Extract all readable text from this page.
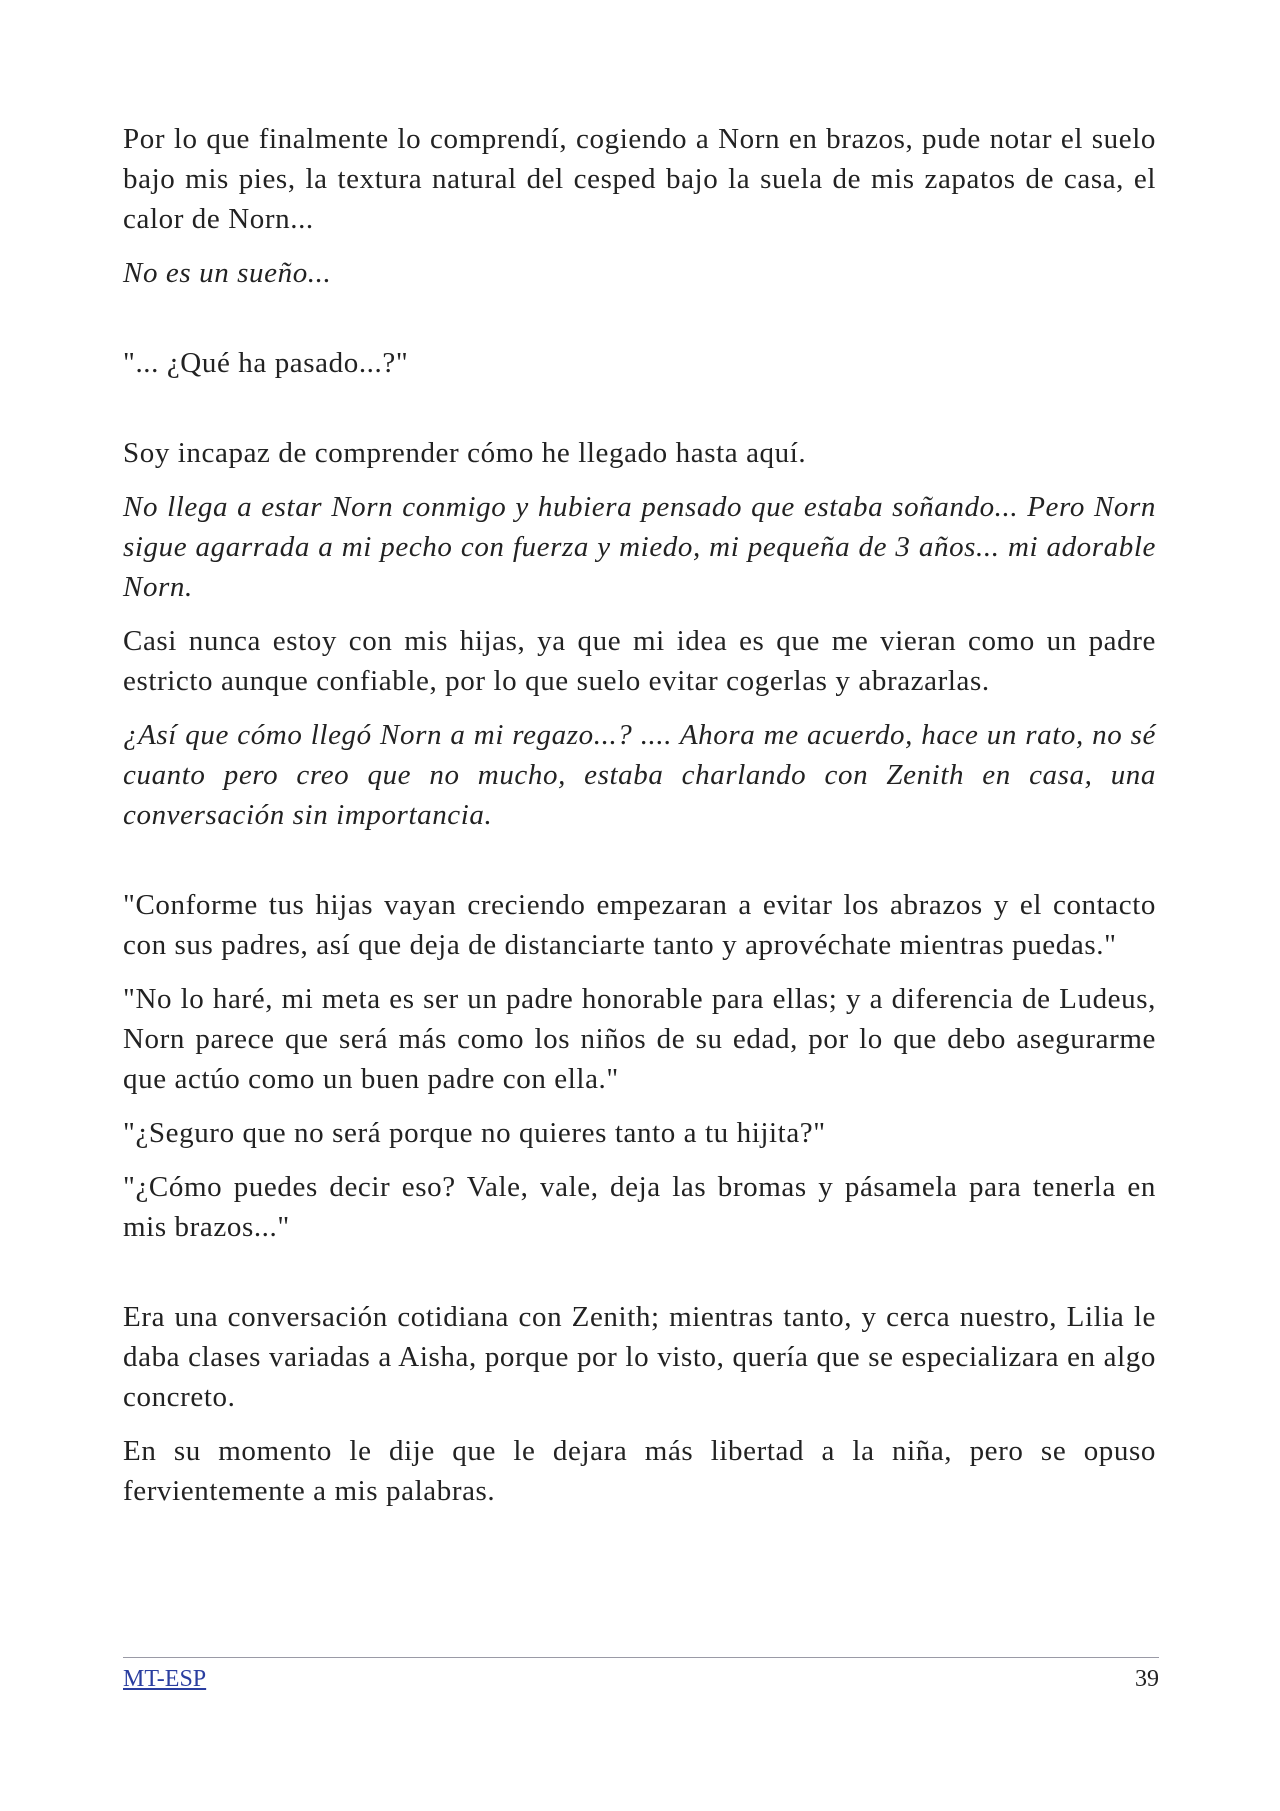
Por lo que finalmente lo comprendí, cogiendo a Norn en brazos, pude notar el suelo bajo mis pies, la textura natural del cesped bajo la suela de mis zapatos de casa, el calor de Norn...

No es un sueño...

"... ¿Qué ha pasado...?"

Soy incapaz de comprender cómo he llegado hasta aquí.

No llega a estar Norn conmigo y hubiera pensado que estaba soñando... Pero Norn sigue agarrada a mi pecho con fuerza y miedo, mi pequeña de 3 años... mi adorable Norn.

Casi nunca estoy con mis hijas, ya que mi idea es que me vieran como un padre estricto aunque confiable, por lo que suelo evitar cogerlas y abrazarlas.

¿Así que cómo llegó Norn a mi regazo...? .... Ahora me acuerdo, hace un rato, no sé cuanto pero creo que no mucho, estaba charlando con Zenith en casa, una conversación sin importancia.

"Conforme tus hijas vayan creciendo empezaran a evitar los abrazos y el contacto con sus padres, así que deja de distanciarte tanto y aprovéchate mientras puedas."

"No lo haré, mi meta es ser un padre honorable para ellas; y a diferencia de Ludeus, Norn parece que será más como los niños de su edad, por lo que debo asegurarme que actúo como un buen padre con ella."

"¿Seguro que no será porque no quieres tanto a tu hijita?"

"¿Cómo puedes decir eso? Vale, vale, deja las bromas y pásamela para tenerla en mis brazos..."

Era una conversación cotidiana con Zenith; mientras tanto, y cerca nuestro, Lilia le daba clases variadas a Aisha, porque por lo visto, quería que se especializara en algo concreto.

En su momento le dije que le dejara más libertad a la niña, pero se opuso fervientemente a mis palabras.

MT-ESP	39
